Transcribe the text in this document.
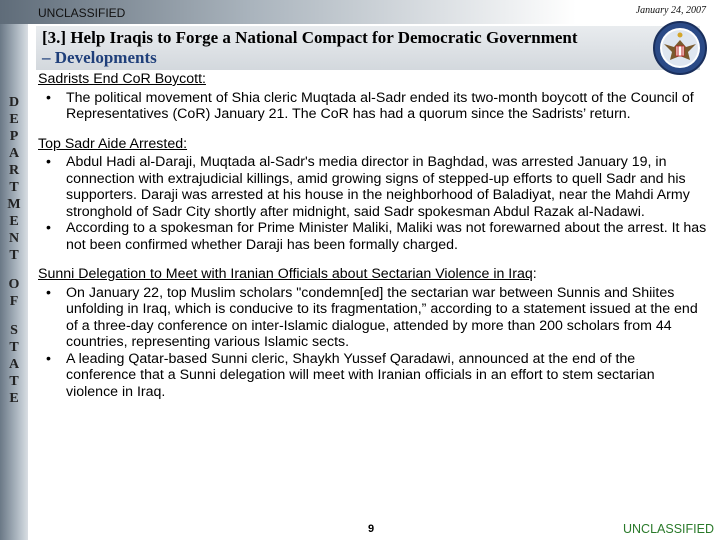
UNCLASSIFIED	January 24, 2007
D
E
P
A
R
T
M
E
N
T
O
F
S
T
A
T
E
[3.] Help Iraqis to Forge a National Compact for Democratic Government
– Developments

Sadrists End CoR Boycott:

• The political movement of Shia cleric Muqtada al-Sadr ended its two-month boycott of the Council of Representatives (CoR) January 21. The CoR has had a quorum since the Sadrists’ return.

Top Sadr Aide Arrested:

• Abdul Hadi al-Daraji, Muqtada al-Sadr's media director in Baghdad, was arrested January 19, in connection with extrajudicial killings, amid growing signs of stepped-up efforts to quell Sadr and his supporters. Daraji was arrested at his house in the neighborhood of Baladiyat, near the Mahdi Army stronghold of Sadr City shortly after midnight, said Sadr spokesman Abdul Razak al-Nadawi.
• According to a spokesman for Prime Minister Maliki, Maliki was not forewarned about the arrest. It has not been confirmed whether Daraji has been formally charged.

Sunni Delegation to Meet with Iranian Officials about Sectarian Violence in Iraq:

• On January 22, top Muslim scholars "condemn[ed] the sectarian war between Sunnis and Shiites unfolding in Iraq, which is conducive to its fragmentation,” according to a statement issued at the end of a three-day conference on inter-Islamic dialogue, attended by more than 200 scholars from 44 countries, representing various Islamic sects.
• A leading Qatar-based Sunni cleric, Shaykh Yussef Qaradawi, announced at the end of the conference that a Sunni delegation will meet with Iranian officials in an effort to stem sectarian violence in Iraq.
9	UNCLASSIFIED
